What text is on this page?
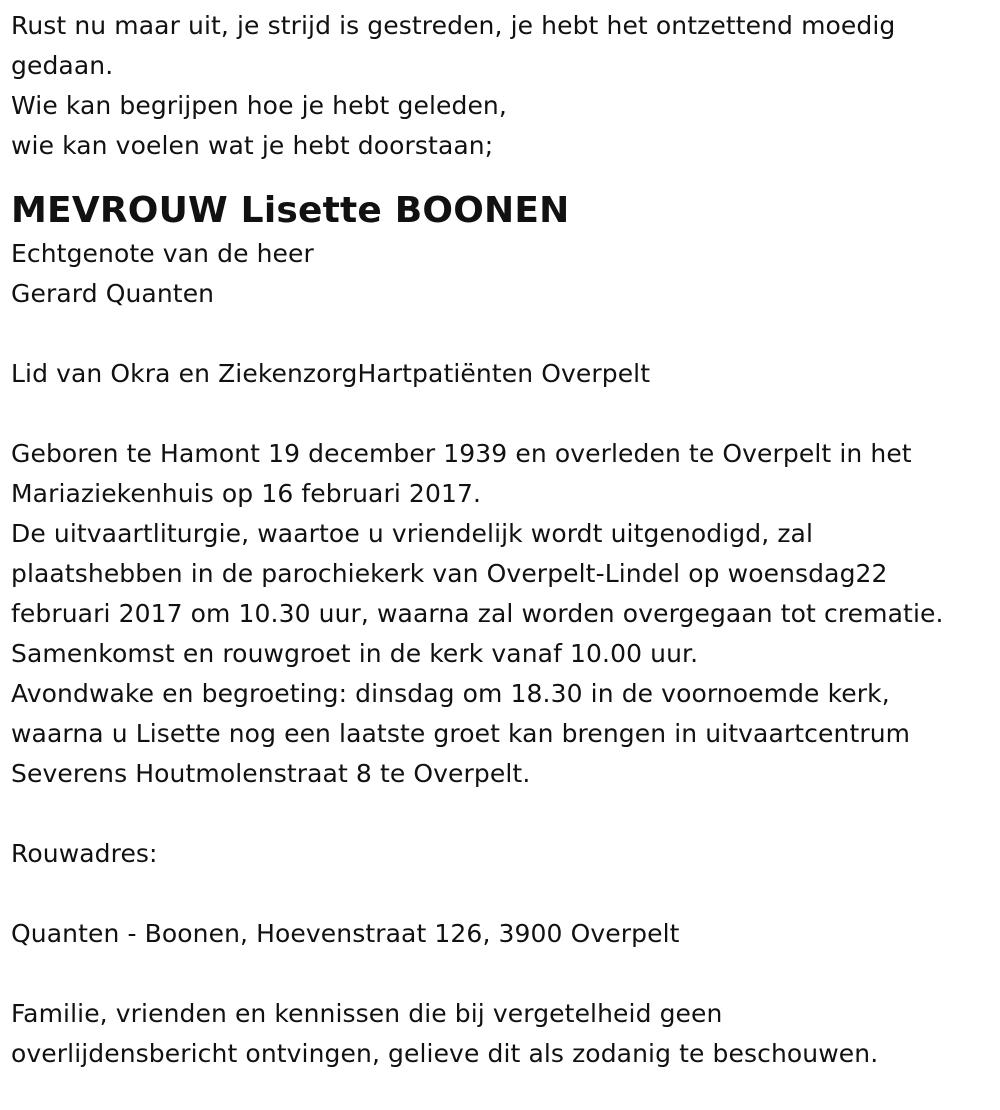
Rust nu maar uit, je strijd is gestreden, je hebt het ontzettend moedig
gedaan.
Wie kan begrijpen hoe je hebt geleden,
wie kan voelen wat je hebt doorstaan;
MEVROUW Lisette BOONEN
Echtgenote van de heer
Gerard Quanten
Lid van Okra en ZiekenzorgHartpatiënten Overpelt
Geboren te Hamont 19 december 1939 en overleden te Overpelt in het
Mariaziekenhuis op 16 februari 2017.
De uitvaartliturgie, waartoe u vriendelijk wordt uitgenodigd, zal
plaatshebben in de parochiekerk van Overpelt-Lindel op woensdag22
februari 2017 om 10.30 uur, waarna zal worden overgegaan tot crematie.
Samenkomst en rouwgroet in de kerk vanaf 10.00 uur.
Avondwake en begroeting: dinsdag om 18.30 in de voornoemde kerk,
waarna u Lisette nog een laatste groet kan brengen in uitvaartcentrum
Severens Houtmolenstraat 8 te Overpelt.
Rouwadres:
Quanten - Boonen, Hoevenstraat 126, 3900 Overpelt
Familie, vrienden en kennissen die bij vergetelheid geen
overlijdensbericht ontvingen, gelieve dit als zodanig te beschouwen.
